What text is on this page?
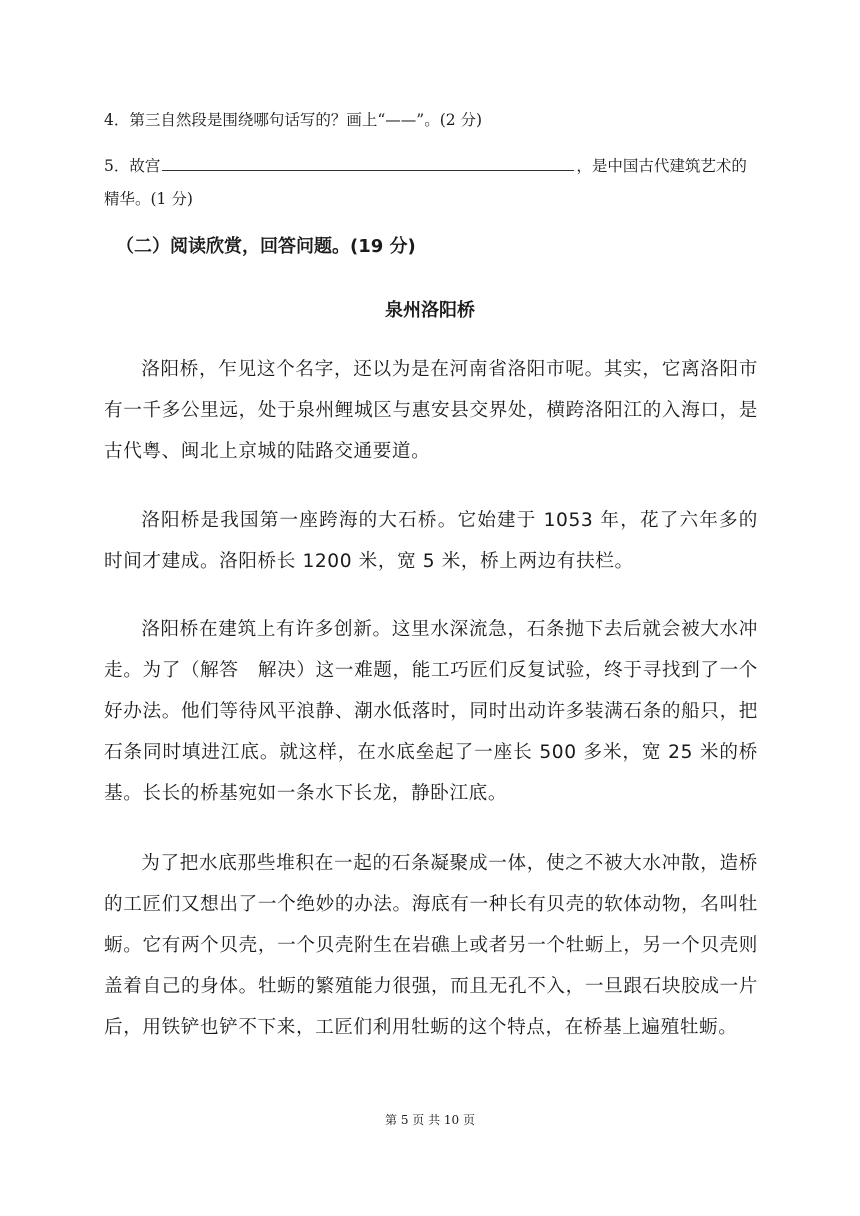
4．第三自然段是围绕哪句话写的？画上“——”。(2 分)

5．故宫	，是中国古代建筑艺术的精华。(1 分)

（二）阅读欣赏，回答问题。(19 分)
泉州洛阳桥

洛阳桥，乍见这个名字，还以为是在河南省洛阳市呢。其实，它离洛阳市有一千多公里远，处于泉州鲤城区与惠安县交界处，横跨洛阳江的入海口，是古代粤、闽北上京城的陆路交通要道。

洛阳桥是我国第一座跨海的大石桥。它始建于 1053 年，花了六年多的时间才建成。洛阳桥长 1200 米，宽 5 米，桥上两边有扶栏。

洛阳桥在建筑上有许多创新。这里水深流急，石条抛下去后就会被大水冲走。为了（解答　解决）这一难题，能工巧匠们反复试验，终于寻找到了一个好办法。他们等待风平浪静、潮水低落时，同时出动许多装满石条的船只，把石条同时填进江底。就这样，在水底垒起了一座长 500 多米，宽 25 米的桥基。长长的桥基宛如一条水下长龙，静卧江底。

为了把水底那些堆积在一起的石条凝聚成一体，使之不被大水冲散，造桥的工匠们又想出了一个绝妙的办法。海底有一种长有贝壳的软体动物，名叫牡蛎。它有两个贝壳，一个贝壳附生在岩礁上或者另一个牡蛎上，另一个贝壳则盖着自己的身体。牡蛎的繁殖能力很强，而且无孔不入，一旦跟石块胶成一片后，用铁铲也铲不下来，工匠们利用牡蛎的这个特点，在桥基上遍殖牡蛎。

第 5 页 共 10 页
